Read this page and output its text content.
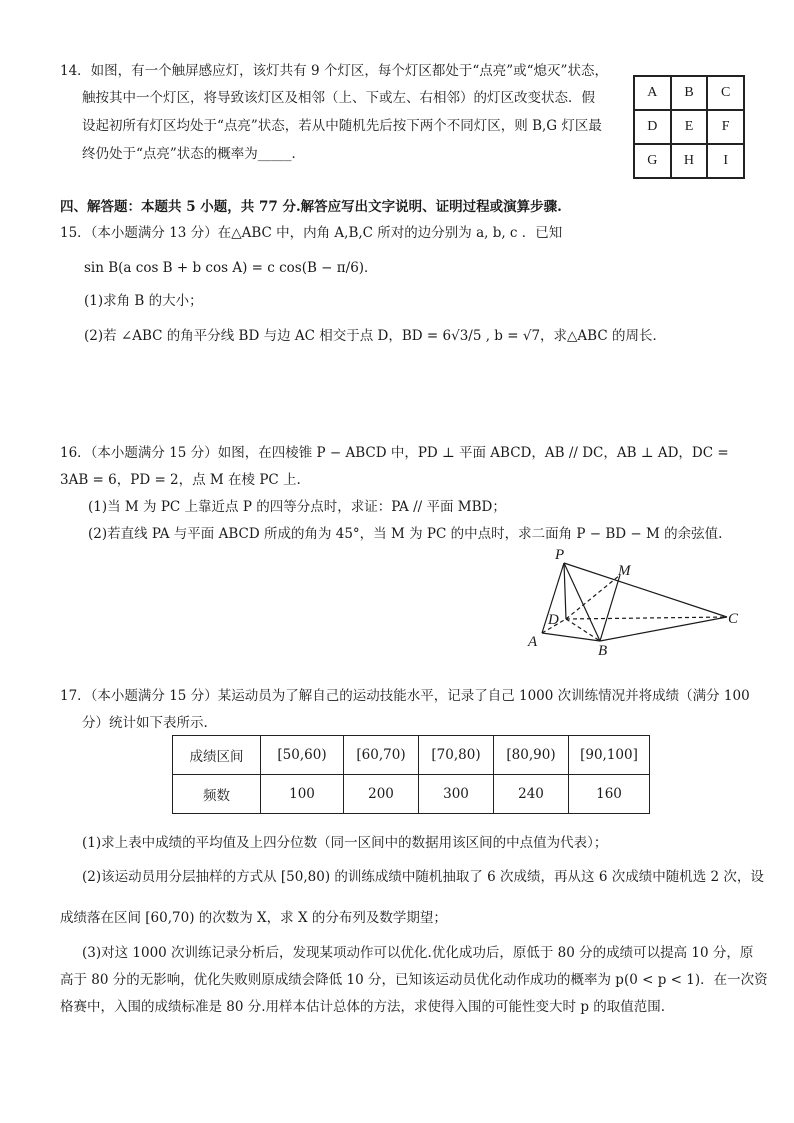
14．如图，有一个触屏感应灯，该灯共有 9 个灯区，每个灯区都处于“点亮”或“熄灭”状态，
触按其中一个灯区，将导致该灯区及相邻（上、下或左、右相邻）的灯区改变状态．假
设起初所有灯区均处于“点亮”状态，若从中随机先后按下两个不同灯区，则 B,G 灯区最
终仍处于“点亮”状态的概率为_____．
A	B	C
D	E	F
G	H	I
四、解答题：本题共 5 小题，共 77 分.解答应写出文字说明、证明过程或演算步骤.
15．（本小题满分 13 分）在△ABC 中，内角 A,B,C 所对的边分别为 a, b, c ．已知
sin B(a cos B + b cos A) = c cos(B − π/6)．
(1)求角 B 的大小；
(2)若 ∠ABC 的角平分线 BD 与边 AC 相交于点 D，BD = 6√3/5 , b = √7，求△ABC 的周长．
16．（本小题满分 15 分）如图，在四棱锥 P − ABCD 中，PD ⊥ 平面 ABCD，AB // DC，AB ⊥ AD，DC =
3AB = 6，PD = 2，点 M 在棱 PC 上.
(1)当 M 为 PC 上靠近点 P 的四等分点时，求证：PA // 平面 MBD；
(2)若直线 PA 与平面 ABCD 所成的角为 45°，当 M 为 PC 的中点时，求二面角 P − BD − M 的余弦值.
P
M
D	C
A
B
17．（本小题满分 15 分）某运动员为了解自己的运动技能水平，记录了自己 1000 次训练情况并将成绩（满分 100
分）统计如下表所示.
成绩区间	[50,60)	[60,70)	[70,80)	[80,90)	[90,100]
频数	100	200	300	240	160
(1)求上表中成绩的平均值及上四分位数（同一区间中的数据用该区间的中点值为代表）；
(2)该运动员用分层抽样的方式从 [50,80) 的训练成绩中随机抽取了 6 次成绩，再从这 6 次成绩中随机选 2 次，设
成绩落在区间 [60,70) 的次数为 X，求 X 的分布列及数学期望；
(3)对这 1000 次训练记录分析后，发现某项动作可以优化.优化成功后，原低于 80 分的成绩可以提高 10 分，原
高于 80 分的无影响，优化失败则原成绩会降低 10 分，已知该运动员优化动作成功的概率为 p(0 < p < 1)．在一次资
格赛中，入围的成绩标准是 80 分.用样本估计总体的方法，求使得入围的可能性变大时 p 的取值范围.
